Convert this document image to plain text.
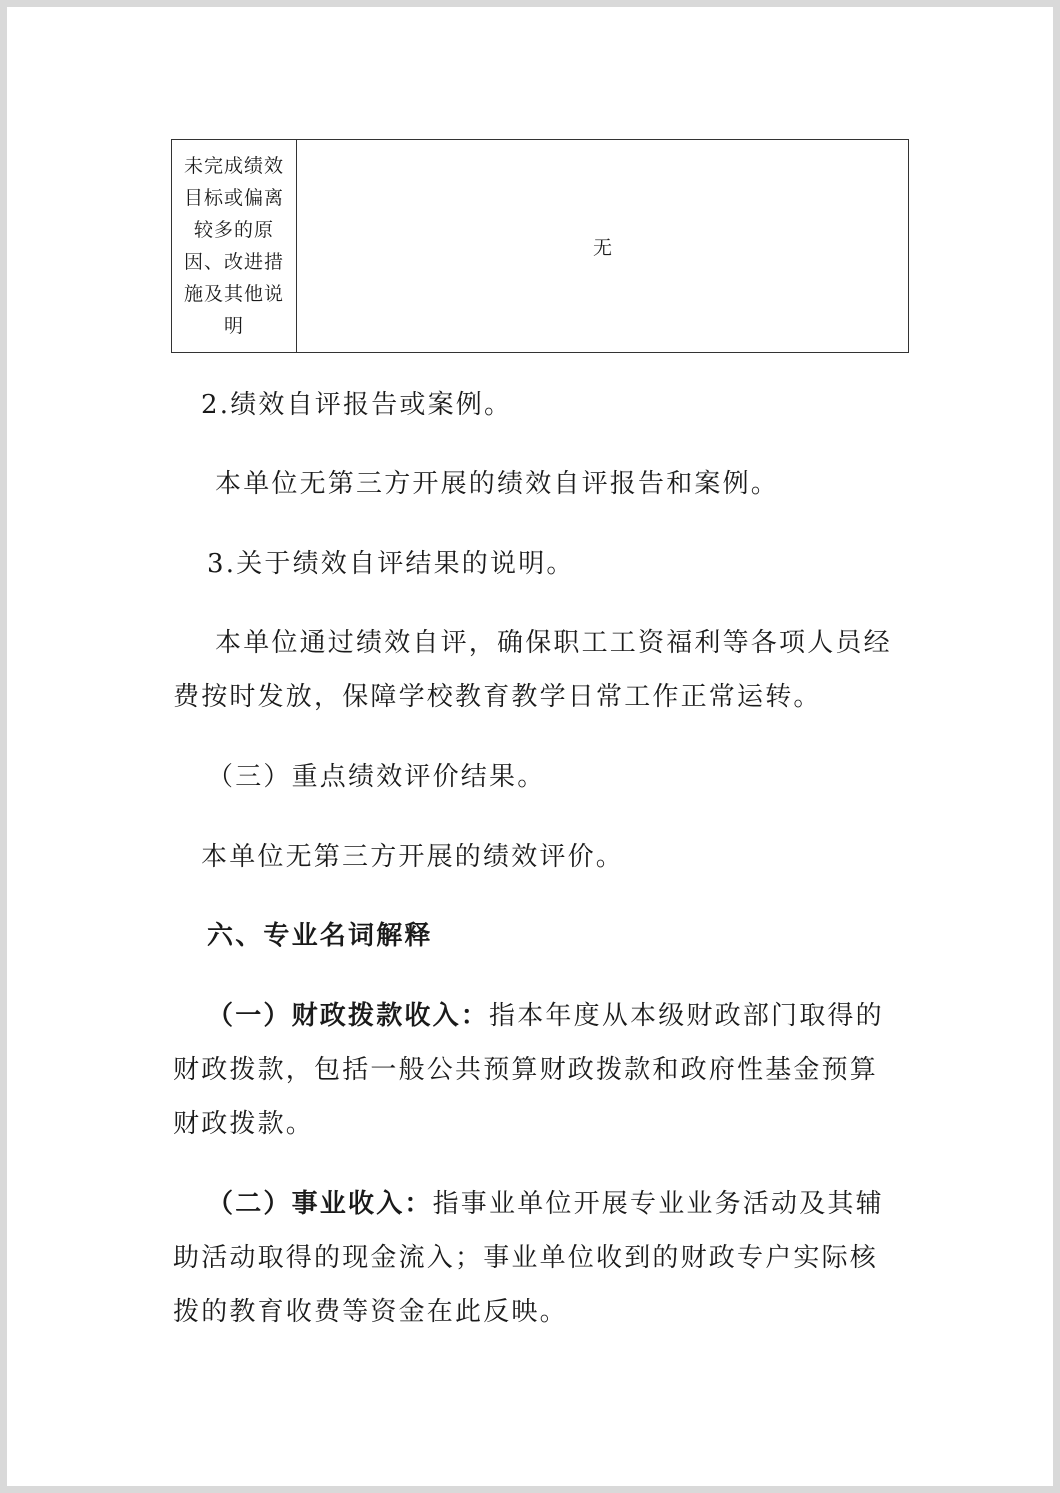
未完成绩效
目标或偏离
较多的原
因、改进措
施及其他说
明
无
2.绩效自评报告或案例。
本单位无第三方开展的绩效自评报告和案例。
3.关于绩效自评结果的说明。
本单位通过绩效自评，确保职工工资福利等各项人员经
费按时发放，保障学校教育教学日常工作正常运转。
（三）重点绩效评价结果。
本单位无第三方开展的绩效评价。
六、专业名词解释
（一）财政拨款收入：指本年度从本级财政部门取得的
财政拨款，包括一般公共预算财政拨款和政府性基金预算
财政拨款。
（二）事业收入：指事业单位开展专业业务活动及其辅
助活动取得的现金流入；事业单位收到的财政专户实际核
拨的教育收费等资金在此反映。
